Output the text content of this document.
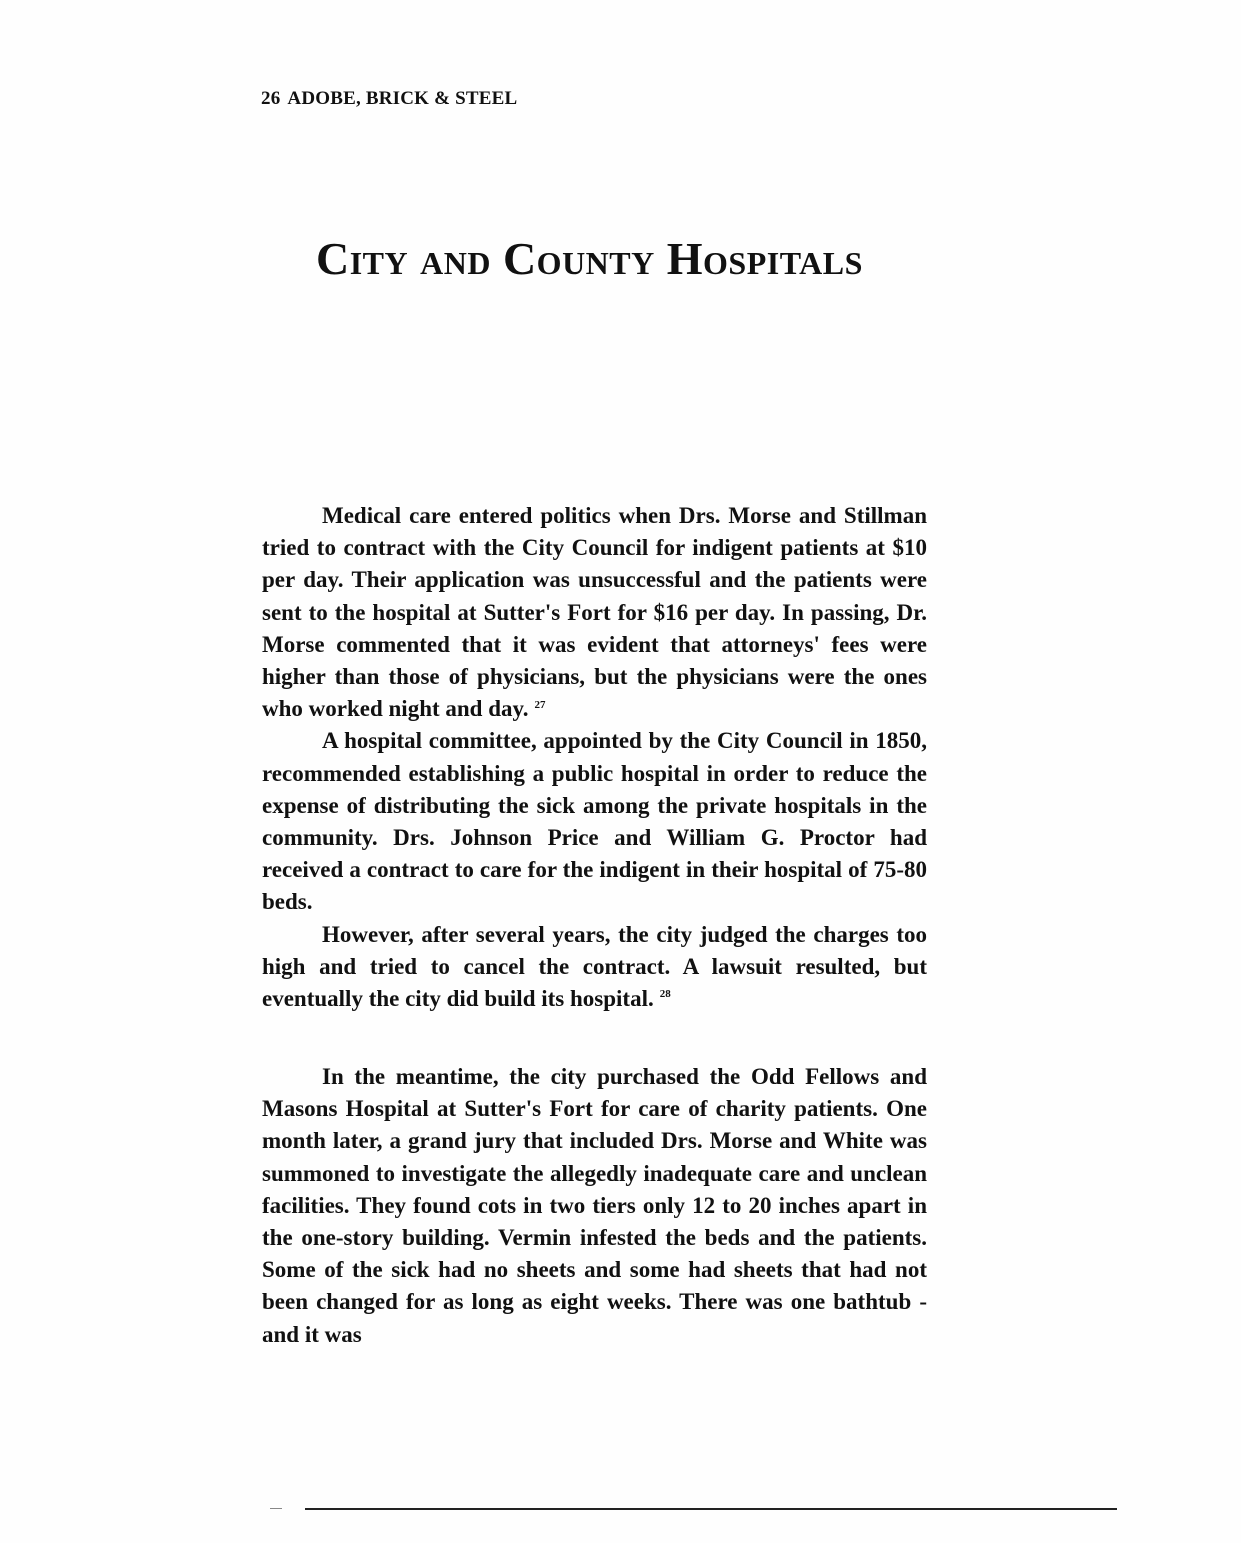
26 ADOBE, BRICK & STEEL
City and County Hospitals

Medical care entered politics when Drs. Morse and Stillman tried to contract with the City Council for indigent patients at $10 per day. Their application was unsuccessful and the patients were sent to the hospital at Sutter's Fort for $16 per day. In passing, Dr. Morse commented that it was evident that attorneys' fees were higher than those of physicians, but the physicians were the ones who worked night and day. $^{27}$

A hospital committee, appointed by the City Council in 1850, recommended establishing a public hospital in order to reduce the expense of distributing the sick among the private hospitals in the community. Drs. Johnson Price and William G. Proctor had received a contract to care for the indigent in their hospital of 75-80 beds.

However, after several years, the city judged the charges too high and tried to cancel the contract. A lawsuit resulted, but eventually the city did build its hospital. $^{28}$

In the meantime, the city purchased the Odd Fellows and Masons Hospital at Sutter's Fort for care of charity patients. One month later, a grand jury that included Drs. Morse and White was summoned to investigate the allegedly inadequate care and unclean facilities. They found cots in two tiers only 12 to 20 inches apart in the one-story building. Vermin infested the beds and the patients. Some of the sick had no sheets and some had sheets that had not been changed for as long as eight weeks. There was one bathtub - and it was
